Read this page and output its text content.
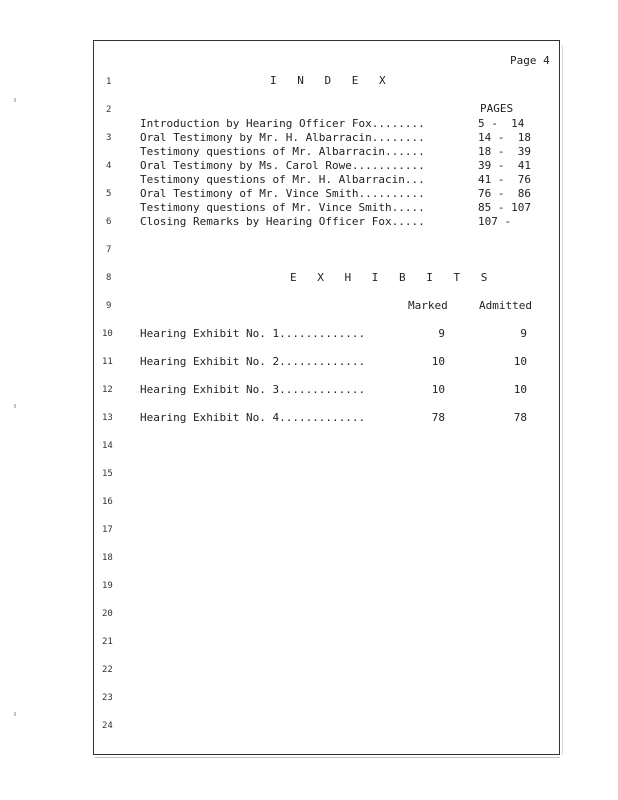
Page 4
1
2
3
4
5
6
7
8
9
10
11
12
13
14
15
16
17
18
19
20
21
22
23
24
I N D E X
PAGES
Introduction by Hearing Officer Fox........	5 -  14
Oral Testimony by Mr. H. Albarracin........	14 -  18
Testimony questions of Mr. Albarracin......	18 -  39
Oral Testimony by Ms. Carol Rowe...........	39 -  41
Testimony questions of Mr. H. Albarracin...	41 -  76
Oral Testimony of Mr. Vince Smith..........	76 -  86
Testimony questions of Mr. Vince Smith.....	85 - 107
Closing Remarks by Hearing Officer Fox.....	107 -
E X H I B I T S
Marked	Admitted
Hearing Exhibit No. 1.............	9	9
Hearing Exhibit No. 2.............	10	10
Hearing Exhibit No. 3.............	10	10
Hearing Exhibit No. 4.............	78	78
